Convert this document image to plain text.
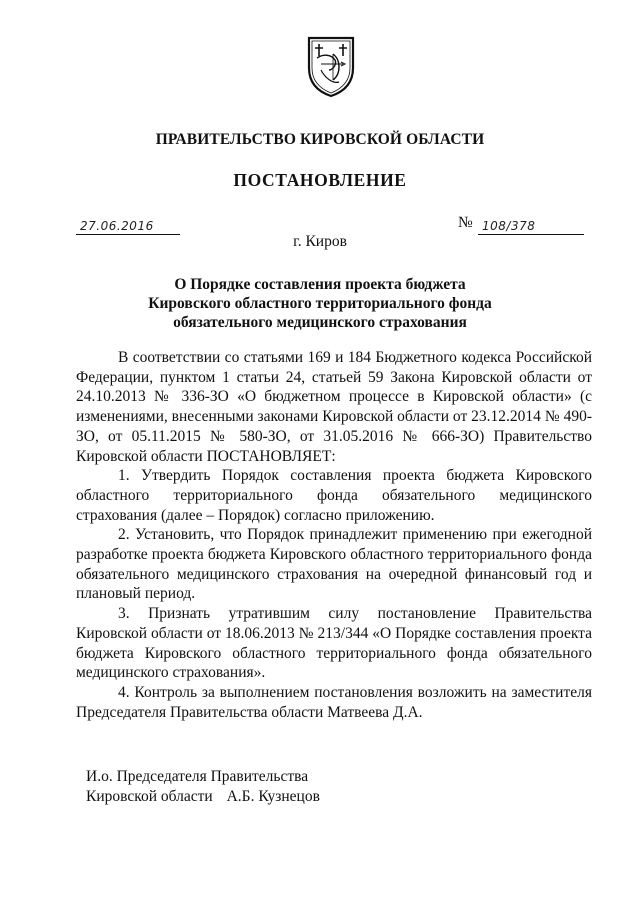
ПРАВИТЕЛЬСТВО КИРОВСКОЙ ОБЛАСТИ
ПОСТАНОВЛЕНИЕ
27.06.2016	№ 108/378
г. Киров
О Порядке составления проекта бюджета
Кировского областного территориального фонда
обязательного медицинского страхования

В соответствии со статьями 169 и 184 Бюджетного кодекса Российской Федерации, пунктом 1 статьи 24, статьей 59 Закона Кировской области от 24.10.2013 № 336-ЗО «О бюджетном процессе в Кировской области» (с изменениями, внесенными законами Кировской области от 23.12.2014 № 490-ЗО, от 05.11.2015 № 580-ЗО, от 31.05.2016 № 666-ЗО) Правительство Кировской области ПОСТАНОВЛЯЕТ:

1. Утвердить Порядок составления проекта бюджета Кировского областного территориального фонда обязательного медицинского страхования (далее – Порядок) согласно приложению.

2. Установить, что Порядок принадлежит применению при ежегодной разработке проекта бюджета Кировского областного территориального фонда обязательного медицинского страхования на очередной финансовый год и плановый период.

3. Признать утратившим силу постановление Правительства Кировской области от 18.06.2013 № 213/344 «О Порядке составления проекта бюджета Кировского областного территориального фонда обязательного медицинского страхования».

4. Контроль за выполнением постановления возложить на заместителя Председателя Правительства области Матвеева Д.А.

И.о. Председателя Правительства
Кировской области А.Б. Кузнецов
